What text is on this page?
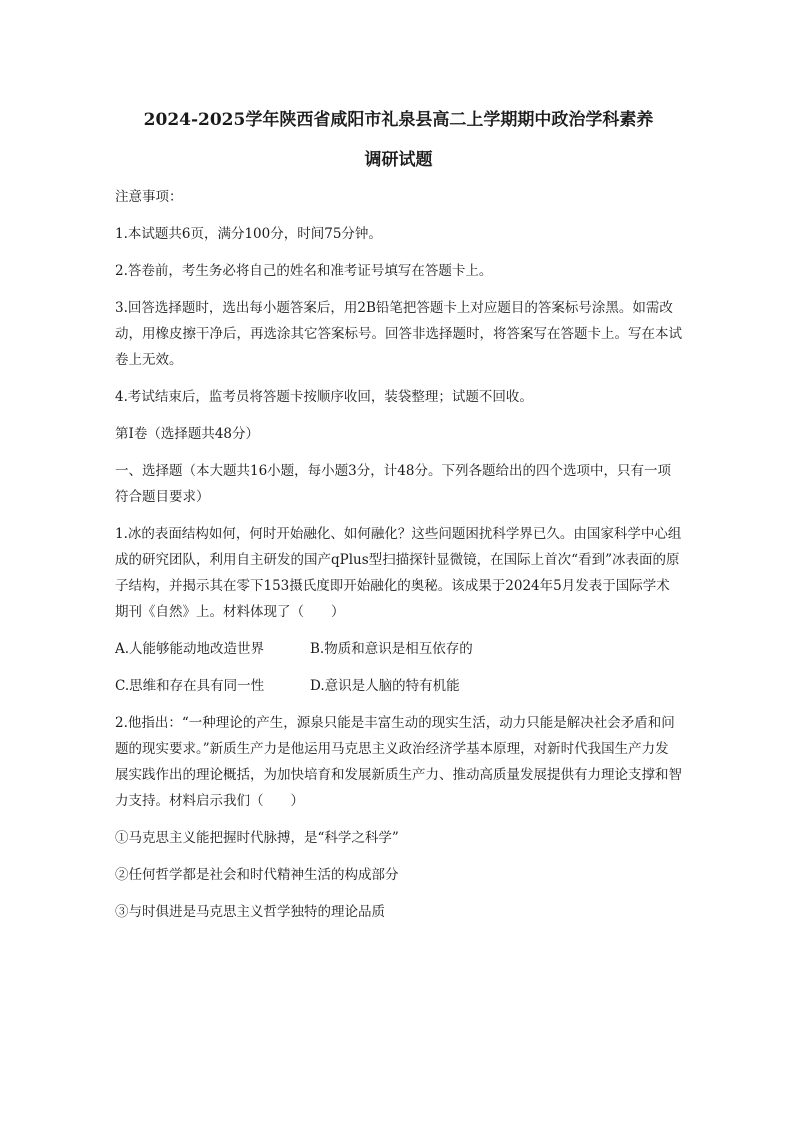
2024-2025学年陕西省咸阳市礼泉县高二上学期期中政治学科素养
调研试题

注意事项：

1.本试题共6页，满分100分，时间75分钟。

2.答卷前，考生务必将自己的姓名和准考证号填写在答题卡上。

3.回答选择题时，选出每小题答案后，用2B铅笔把答题卡上对应题目的答案标号涂黑。如需改动，用橡皮擦干净后，再选涂其它答案标号。回答非选择题时，将答案写在答题卡上。写在本试卷上无效。

4.考试结束后，监考员将答题卡按顺序收回，装袋整理；试题不回收。

第Ⅰ卷（选择题共48分）

一、选择题（本大题共16小题，每小题3分，计48分。下列各题给出的四个选项中，只有一项符合题目要求）

1.冰的表面结构如何，何时开始融化、如何融化？这些问题困扰科学界已久。由国家科学中心组成的研究团队，利用自主研发的国产qPlus型扫描探针显微镜，在国际上首次“看到”冰表面的原子结构，并揭示其在零下153摄氏度即开始融化的奥秘。该成果于2024年5月发表于国际学术期刊《自然》上。材料体现了（　　）

A.人能够能动地改造世界	B.物质和意识是相互依存的
C.思维和存在具有同一性	D.意识是人脑的特有机能

2.他指出：“一种理论的产生，源泉只能是丰富生动的现实生活，动力只能是解决社会矛盾和问题的现实要求。”新质生产力是他运用马克思主义政治经济学基本原理，对新时代我国生产力发展实践作出的理论概括，为加快培育和发展新质生产力、推动高质量发展提供有力理论支撑和智力支持。材料启示我们（　　）

①马克思主义能把握时代脉搏，是“科学之科学”

②任何哲学都是社会和时代精神生活的构成部分

③与时俱进是马克思主义哲学独特的理论品质
